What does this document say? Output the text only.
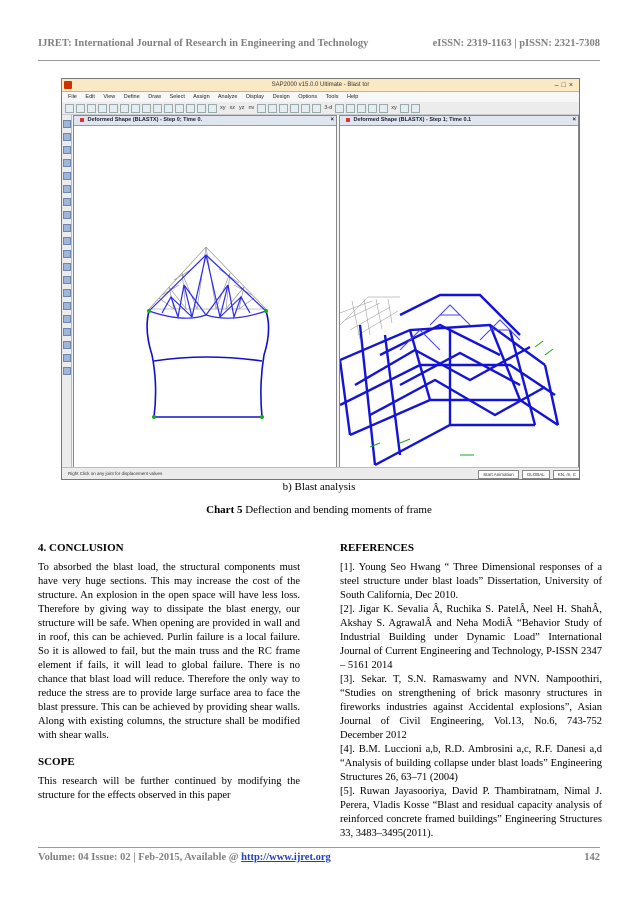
IJRET: International Journal of Research in Engineering and Technology	eISSN: 2319-1163 | pISSN: 2321-7308
SAP2000 v15.0.0 Ultimate - Blast tor	–□×
File Edit View Define Draw Select Assign Analyze Display Design Options Tools Help
xy xz yz nv	3-d	xy
Deformed Shape (BLASTX) - Step 0; Time 0.	×	Deformed Shape (BLASTX) - Step 1; Time 0.1	×
Right Click on any joint for displacement values	Start Animation	GLOBAL	KN, m, C
b) Blast analysis
Chart 5 Deflection and bending moments of frame
4. CONCLUSION

To absorbed the blast load, the structural components must have very huge sections. This may increase the cost of the structure. An explosion in the open space will have less loss. Therefore by giving way to dissipate the blast energy, our structure will be safe. When opening are provided in wall and in roof, this can be achieved. Purlin failure is a local failure. So it is allowed to fail, but the main truss and the RC frame element if fails, it will lead to global failure. There is no chance that blast load will reduce. Therefore the only way to reduce the stress are to provide large surface area to face the blast pressure. This can be achieved by providing shear walls. Along with existing columns, the structure shall be modified with shear walls.

SCOPE

This research will be further continued by modifying the structure for the effects observed in this paper

REFERENCES
[1]. Young Seo Hwang “ Three Dimensional responses of a steel structure under blast loads” Dissertation, University of South California, Dec 2010.
[2]. Jigar K. Sevalia Â, Ruchika S. PatelÂ, Neel H. ShahÂ, Akshay S. AgrawalÂ and Neha ModiÂ “Behavior Study of Industrial Building under Dynamic Load” International Journal of Current Engineering and Technology, P-ISSN 2347 – 5161 2014
[3]. Sekar. T, S.N. Ramaswamy and NVN. Nampoothiri, “Studies on strengthening of brick masonry structures in fireworks industries against Accidental explosions”, Asian Journal of Civil Engineering, Vol.13, No.6, 743-752 December 2012
[4]. B.M. Luccioni a,b, R.D. Ambrosini a,c, R.F. Danesi a,d “Analysis of building collapse under blast loads” Engineering Structures 26, 63–71 (2004)
[5]. Ruwan Jayasooriya, David P. Thambiratnam, Nimal J. Perera, Vladis Kosse “Blast and residual capacity analysis of reinforced concrete framed buildings” Engineering Structures 33, 3483–3495(2011).
Volume: 04 Issue: 02 | Feb-2015, Available @ http://www.ijret.org	142
